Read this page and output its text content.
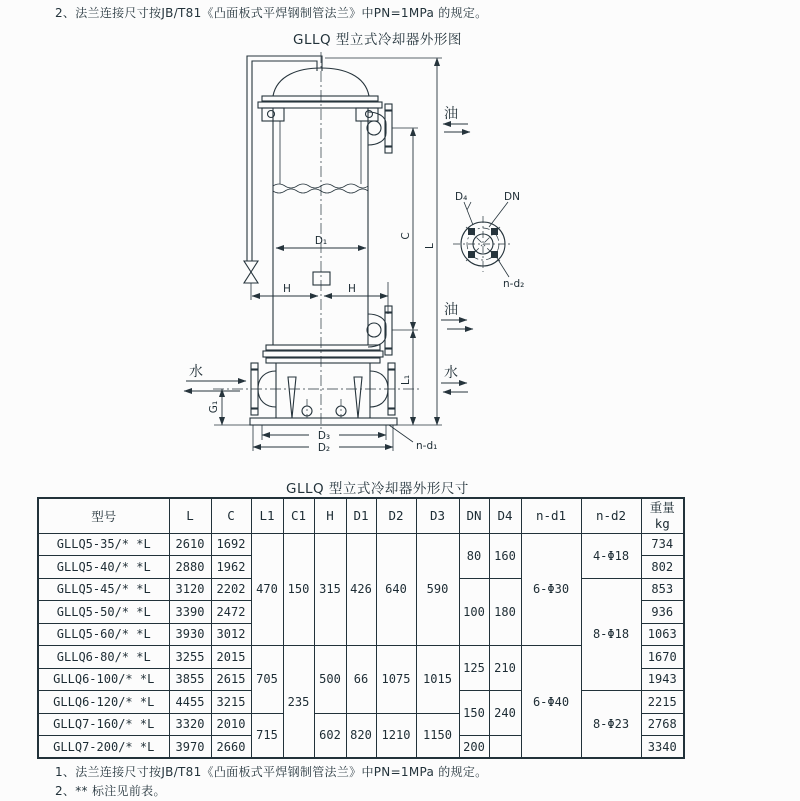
2、法兰连接尺寸按JB/T81《凸面板式平焊钢制管法兰》中PN=1MPa 的规定。
GLLQ 型立式冷却器外形图
D₁
H	H
C
L
L₁
G₁
D₃
D₂	n-d₁
D₄	DN
n-d₂
油
油
水
水
GLLQ 型立式冷却器外形尺寸
型号	L	C	L1	C1	H	D1	D2	D3	DN	D4	n-d1	n-d2	重量
kg

GLLQ5-35/* *L	2610	1692	470	150	315	426	640	590	80	160	6-Φ30	4-Φ18	734
GLLQ5-40/* *L	2880	1962											802
GLLQ5-45/* *L	3120	2202							100	180		8-Φ18	853
GLLQ5-50/* *L	3390	2472											936
GLLQ5-60/* *L	3930	3012											1063
GLLQ6-80/* *L	3255	2015	705	235	500	66	1075	1015	125	210	6-Φ40		1670
GLLQ6-100/* *L	3855	2615											1943
GLLQ6-120/* *L	4455	3215							150	240		8-Φ23	2215
GLLQ7-160/* *L	3320	2010	715		602	820	1210	1150					2768
GLLQ7-200/* *L	3970	2660							200				3340
1、法兰连接尺寸按JB/T81《凸面板式平焊钢制管法兰》中PN=1MPa 的规定。
2、** 标注见前表。
